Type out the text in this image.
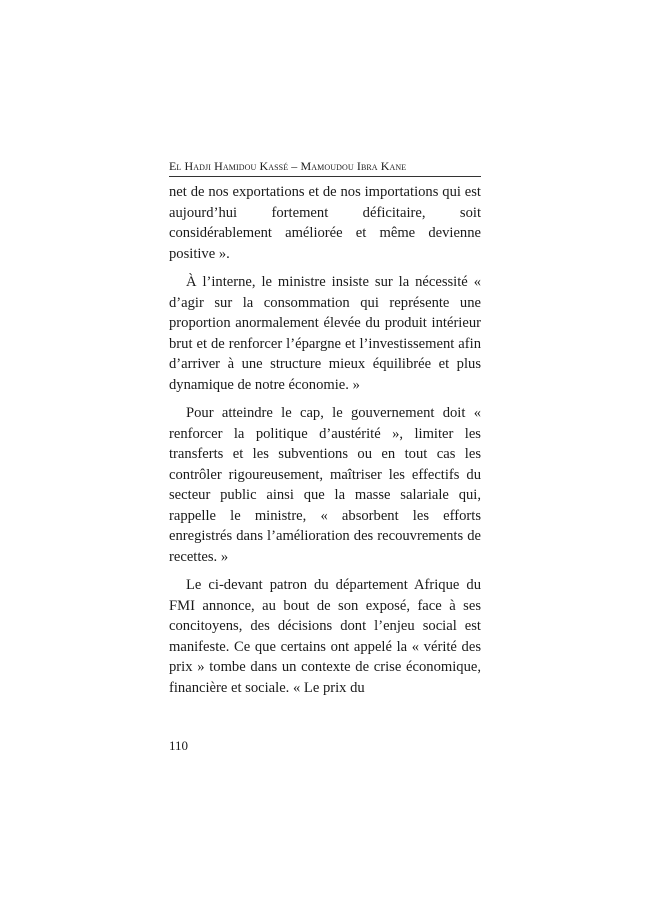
El Hadji Hamidou Kassé – Mamoudou Ibra Kane

net de nos exportations et de nos importations qui est aujourd’hui fortement déficitaire, soit considérablement améliorée et même devienne positive ».

À l’interne, le ministre insiste sur la nécessité « d’agir sur la consommation qui représente une proportion anormalement élevée du produit intérieur brut et de renforcer l’épargne et l’investissement afin d’arriver à une structure mieux équilibrée et plus dynamique de notre économie. »

Pour atteindre le cap, le gouvernement doit « renforcer la politique d’austérité », limiter les transferts et les subventions ou en tout cas les contrôler rigoureusement, maîtriser les effectifs du secteur public ainsi que la masse salariale qui, rappelle le ministre, « absorbent les efforts enregistrés dans l’amélioration des recouvrements de recettes. »

Le ci-devant patron du département Afrique du FMI annonce, au bout de son exposé, face à ses concitoyens, des décisions dont l’enjeu social est manifeste. Ce que certains ont appelé la « vérité des prix » tombe dans un contexte de crise économique, financière et sociale. « Le prix du

110
